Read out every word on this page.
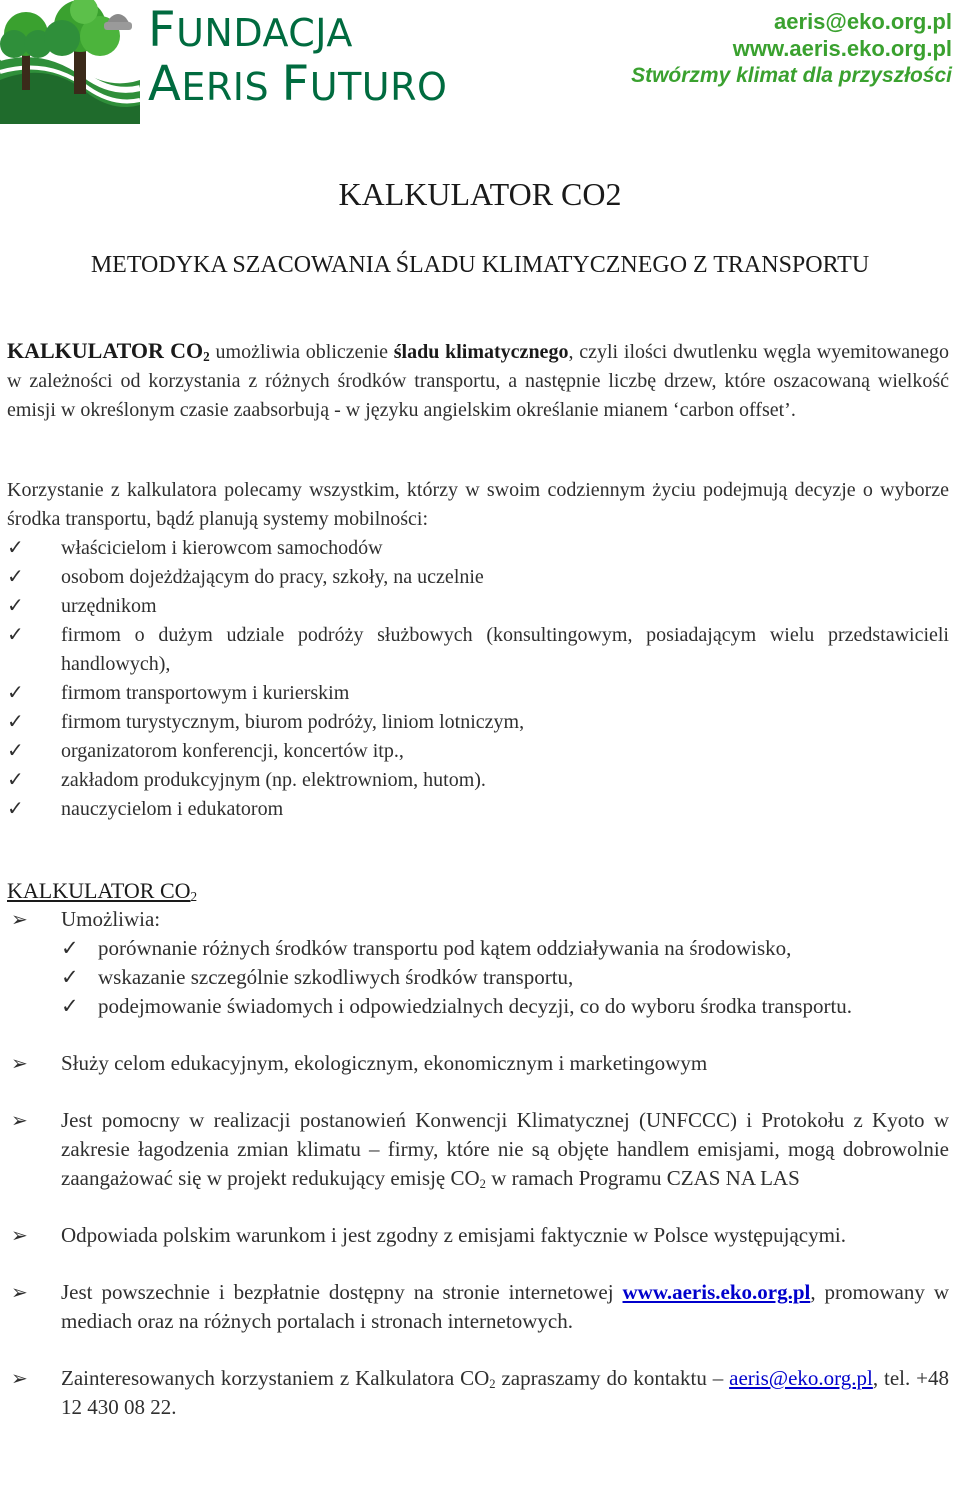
FUNDACJA
AERIS FUTURO
aeris@eko.org.pl
www.aeris.eko.org.pl
Stwórzmy klimat dla przyszłości
KALKULATOR CO2
METODYKA SZACOWANIA ŚLADU KLIMATYCZNEGO Z TRANSPORTU
KALKULATOR $CO_2$ umożliwia obliczenie śladu klimatycznego, czyli ilości dwutlenku węgla wyemitowanego w zależności od korzystania z różnych środków transportu, a następnie liczbę drzew, które oszacowaną wielkość emisji w określonym czasie zaabsorbują - w języku angielskim określanie mianem ‘carbon offset’.
Korzystanie z kalkulatora polecamy wszystkim, którzy w swoim codziennym życiu podejmują decyzje o wyborze środka transportu, bądź planują systemy mobilności:
✓ właścicielom i kierowcom samochodów
✓ osobom dojeżdżającym do pracy, szkoły, na uczelnie
✓ urzędnikom
✓ firmom o dużym udziale podróży służbowych (konsultingowym, posiadającym wielu przedstawicieli handlowych),
✓ firmom transportowym i kurierskim
✓ firmom turystycznym, biurom podróży, liniom lotniczym,
✓ organizatorom konferencji, koncertów itp.,
✓ zakładom produkcyjnym (np. elektrowniom, hutom).
✓ nauczycielom i edukatorom
KALKULATOR $CO_2$
➢ Umożliwia:
✓ porównanie różnych środków transportu pod kątem oddziaływania na środowisko,
✓ wskazanie szczególnie szkodliwych środków transportu,
✓ podejmowanie świadomych i odpowiedzialnych decyzji, co do wyboru środka transportu.
➢ Służy celom edukacyjnym, ekologicznym, ekonomicznym i marketingowym
➢ Jest pomocny w realizacji postanowień Konwencji Klimatycznej (UNFCCC) i Protokołu z Kyoto w zakresie łagodzenia zmian klimatu – firmy, które nie są objęte handlem emisjami, mogą dobrowolnie zaangażować się w projekt redukujący emisję $CO_2$ w ramach Programu CZAS NA LAS
➢ Odpowiada polskim warunkom i jest zgodny z emisjami faktycznie w Polsce występującymi.
➢ Jest powszechnie i bezpłatnie dostępny na stronie internetowej www.aeris.eko.org.pl, promowany w mediach oraz na różnych portalach i stronach internetowych.
➢ Zainteresowanych korzystaniem z Kalkulatora $CO_2$ zapraszamy do kontaktu – aeris@eko.org.pl, tel. +48 12 430 08 22.
